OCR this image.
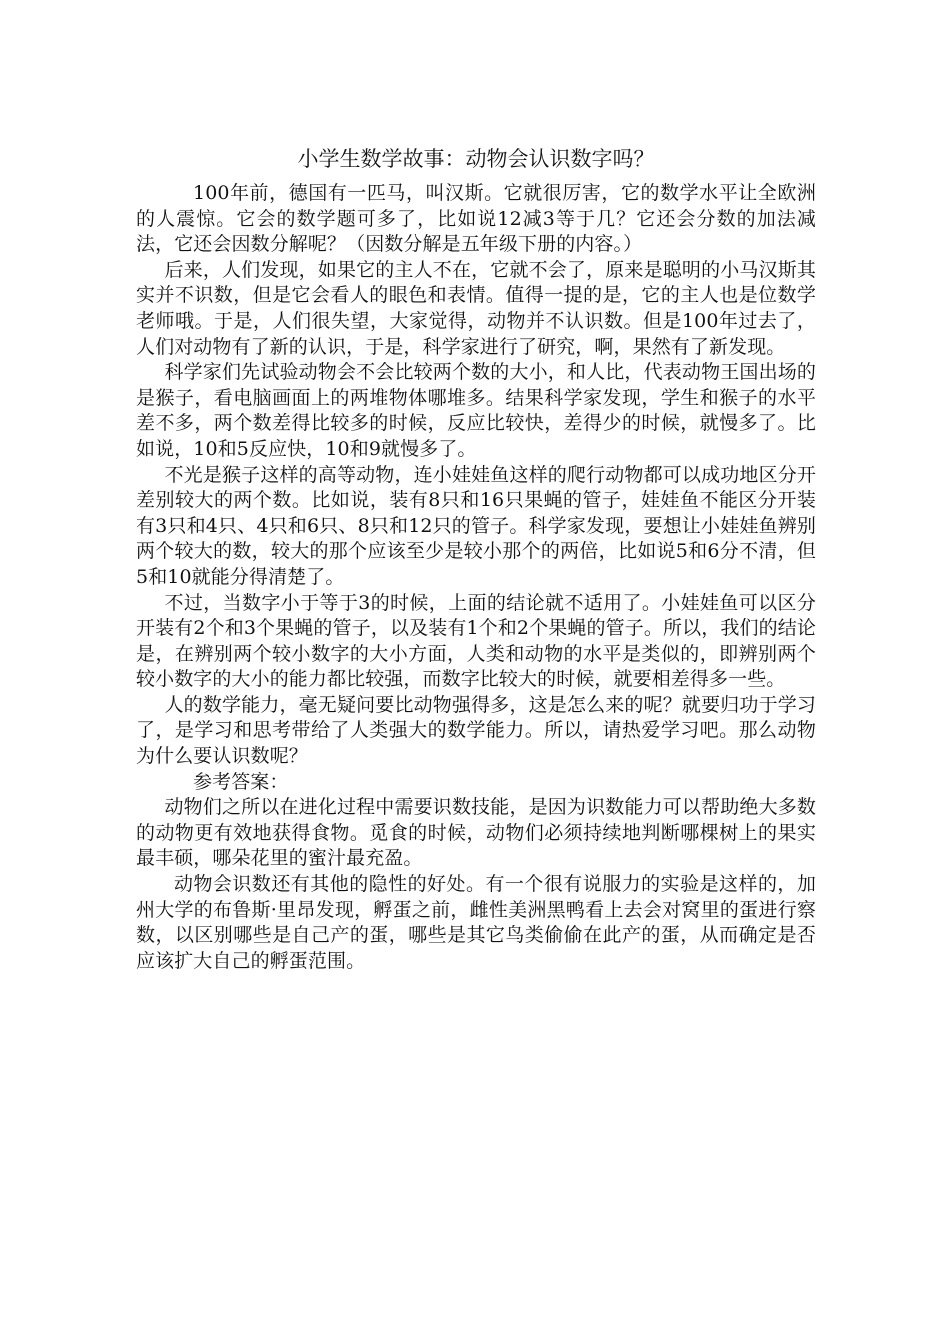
小学生数学故事：动物会认识数字吗？

100年前，德国有一匹马，叫汉斯。它就很厉害，它的数学水平让全欧洲的人震惊。它会的数学题可多了，比如说12减3等于几？它还会分数的加法减法，它还会因数分解呢？（因数分解是五年级下册的内容。）

后来，人们发现，如果它的主人不在，它就不会了，原来是聪明的小马汉斯其实并不识数，但是它会看人的眼色和表情。值得一提的是，它的主人也是位数学老师哦。于是，人们很失望，大家觉得，动物并不认识数。但是100年过去了，人们对动物有了新的认识，于是，科学家进行了研究，啊，果然有了新发现。

科学家们先试验动物会不会比较两个数的大小，和人比，代表动物王国出场的是猴子，看电脑画面上的两堆物体哪堆多。结果科学家发现，学生和猴子的水平差不多，两个数差得比较多的时候，反应比较快，差得少的时候，就慢多了。比如说，10和5反应快，10和9就慢多了。

不光是猴子这样的高等动物，连小娃娃鱼这样的爬行动物都可以成功地区分开差别较大的两个数。比如说，装有8只和16只果蝇的管子，娃娃鱼不能区分开装有3只和4只、4只和6只、8只和12只的管子。科学家发现，要想让小娃娃鱼辨别两个较大的数，较大的那个应该至少是较小那个的两倍，比如说5和6分不清，但5和10就能分得清楚了。

不过，当数字小于等于3的时候，上面的结论就不适用了。小娃娃鱼可以区分开装有2个和3个果蝇的管子，以及装有1个和2个果蝇的管子。所以，我们的结论是，在辨别两个较小数字的大小方面，人类和动物的水平是类似的，即辨别两个较小数字的大小的能力都比较强，而数字比较大的时候，就要相差得多一些。

人的数学能力，毫无疑问要比动物强得多，这是怎么来的呢？就要归功于学习了，是学习和思考带给了人类强大的数学能力。所以，请热爱学习吧。那么动物为什么要认识数呢？

参考答案：

动物们之所以在进化过程中需要识数技能，是因为识数能力可以帮助绝大多数的动物更有效地获得食物。觅食的时候，动物们必须持续地判断哪棵树上的果实最丰硕，哪朵花里的蜜汁最充盈。

动物会识数还有其他的隐性的好处。有一个很有说服力的实验是这样的，加州大学的布鲁斯·里昂发现，孵蛋之前，雌性美洲黑鸭看上去会对窝里的蛋进行察数，以区别哪些是自己产的蛋，哪些是其它鸟类偷偷在此产的蛋，从而确定是否应该扩大自己的孵蛋范围。
